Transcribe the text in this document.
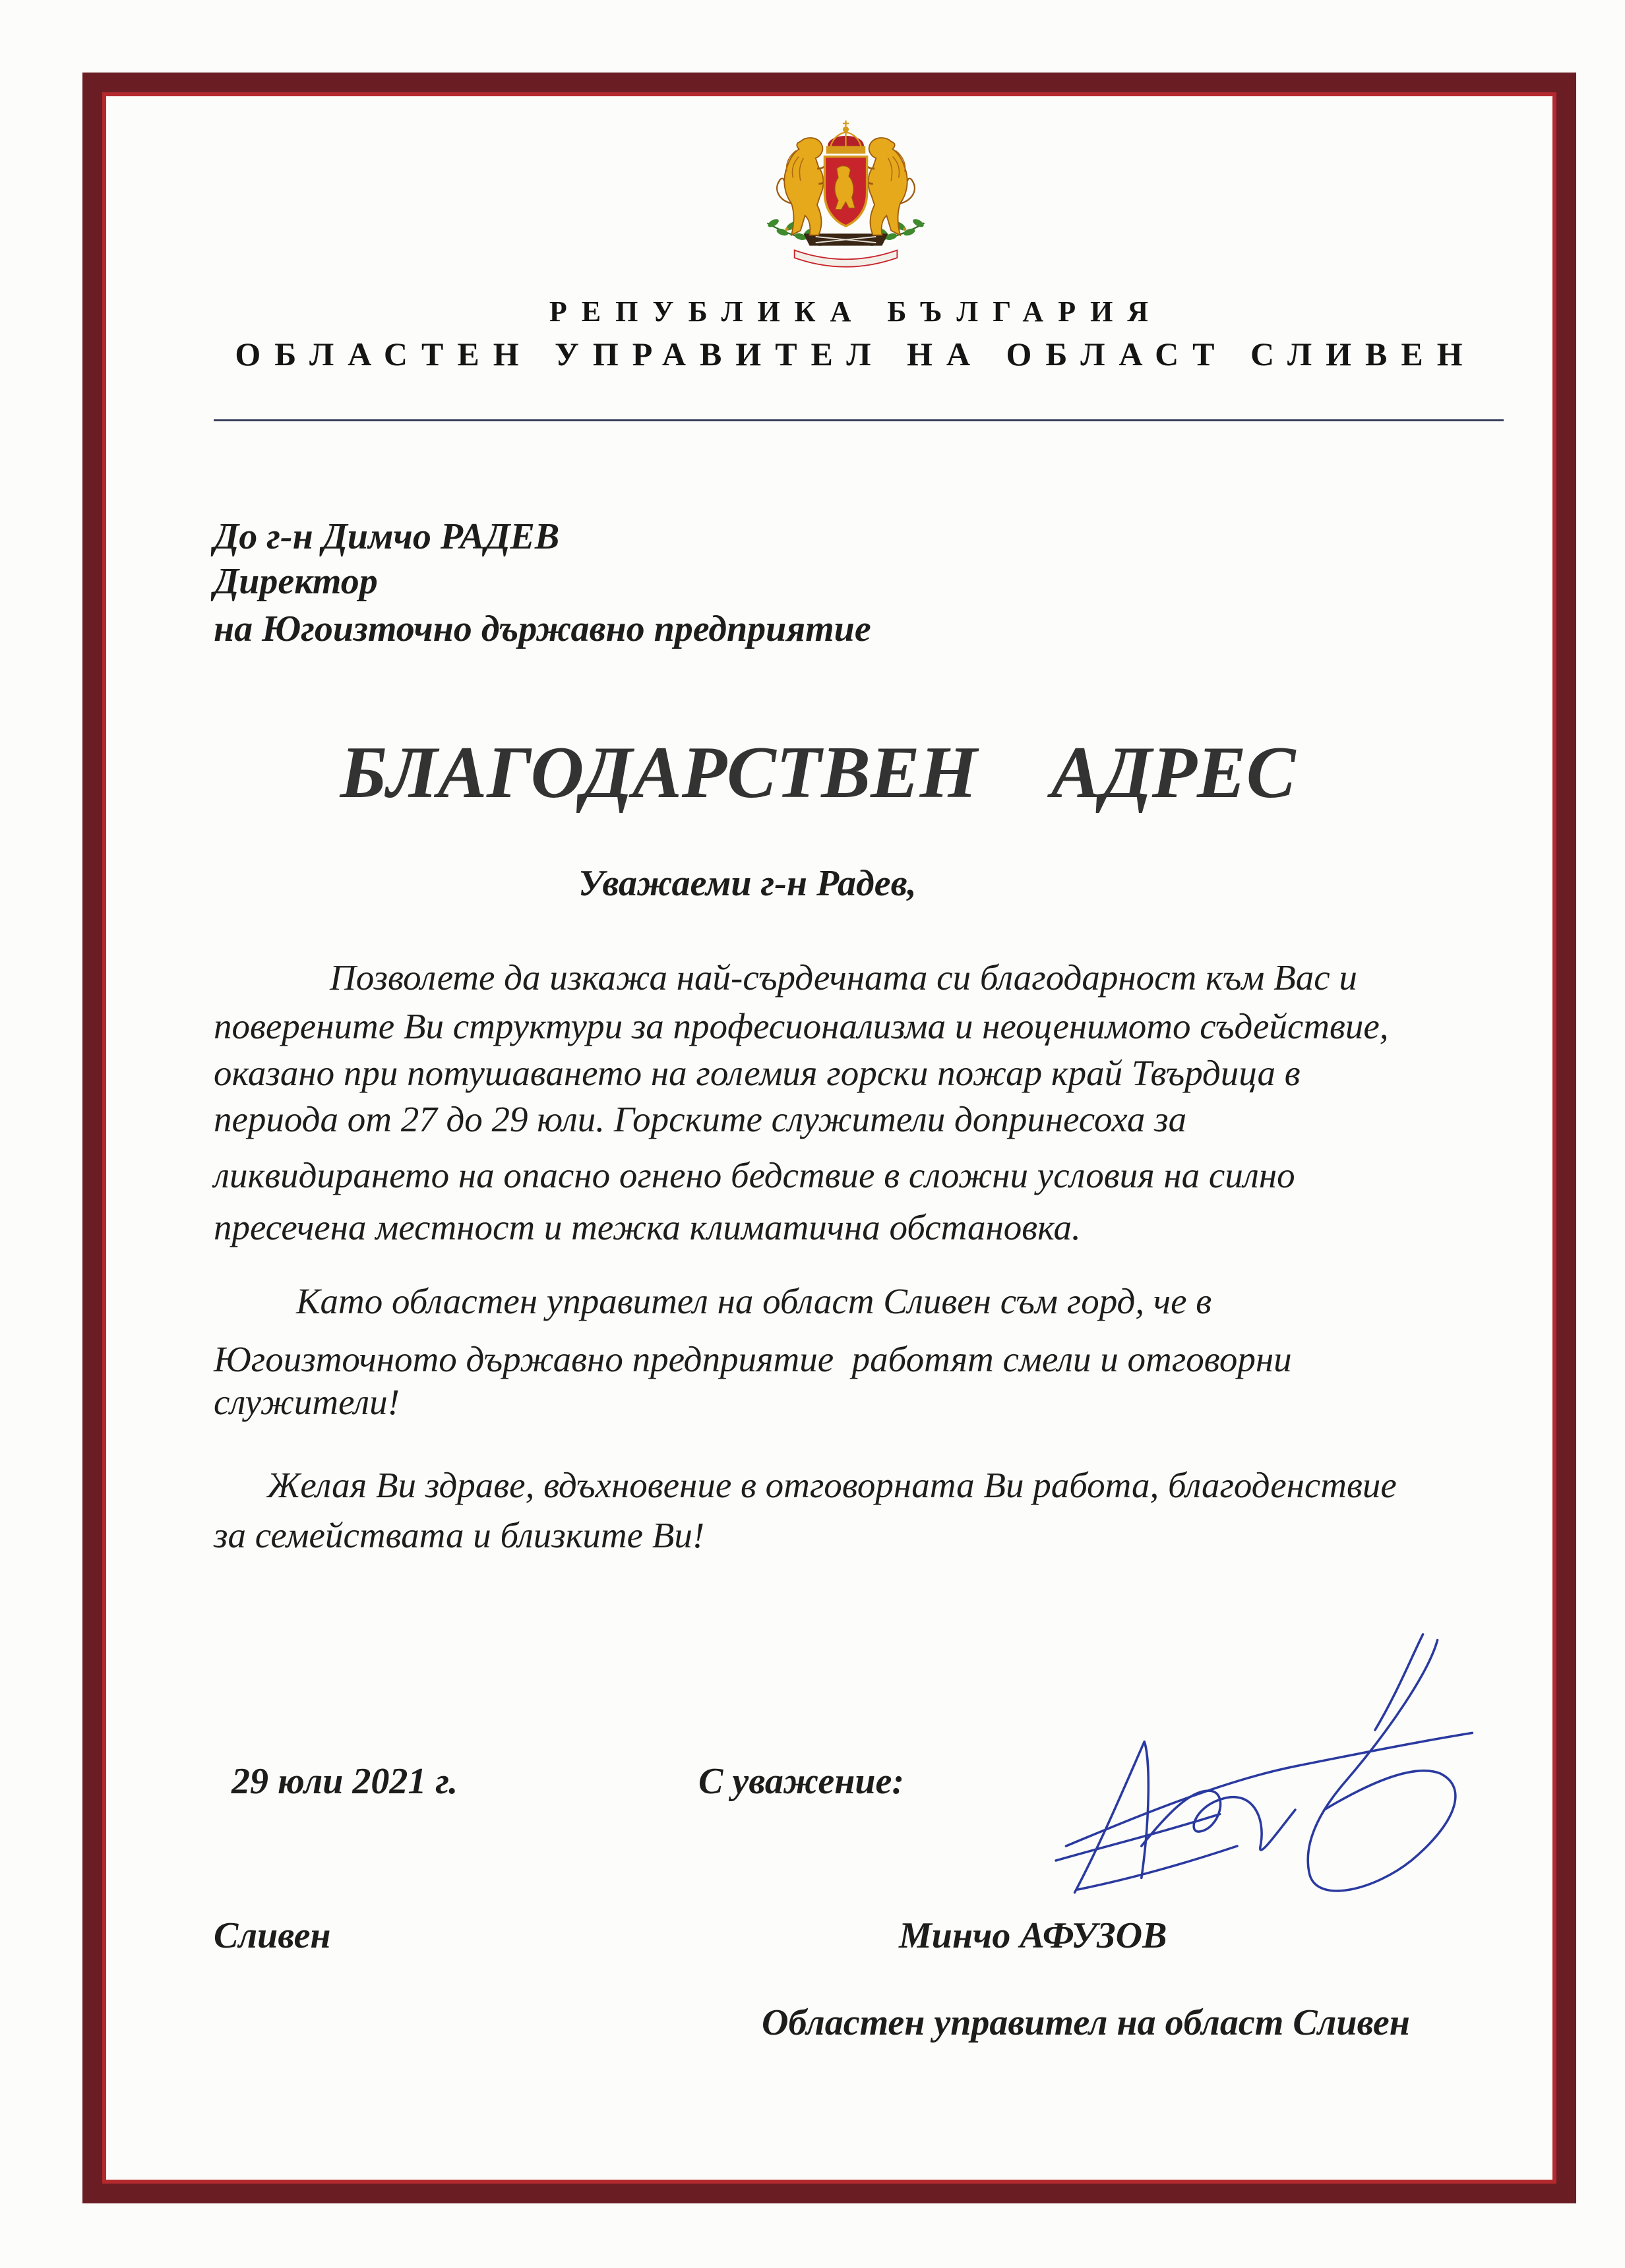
РЕПУБЛИКА БЪЛГАРИЯ
ОБЛАСТЕН УПРАВИТЕЛ НА ОБЛАСТ СЛИВЕН
До г-н Димчо РАДЕВ
Директор
на Югоизточно държавно предприятие
БЛАГОДАРСТВЕН    АДРЕС
Уважаеми г-н Радев,
Позволете да изкажа най-сърдечната си благодарност към Вас и
поверените Ви структури за професионализма и неоценимото съдействие,
оказано при потушаването на големия горски пожар край Твърдица в
периода от 27 до 29 юли. Горските служители допринесоха за
ликвидирането на опасно огнено бедствие в сложни условия на силно
пресечена местност и тежка климатична обстановка.
Като областен управител на област Сливен съм горд, че в
Югоизточното държавно предприятие  работят смели и отговорни
служители!
Желая Ви здраве, вдъхновение в отговорната Ви работа, благоденствие
за семействата и близките Ви!
29 юли 2021 г.	С уважение:
Сливен	Минчо АФУЗОВ
Областен управител на област Сливен
